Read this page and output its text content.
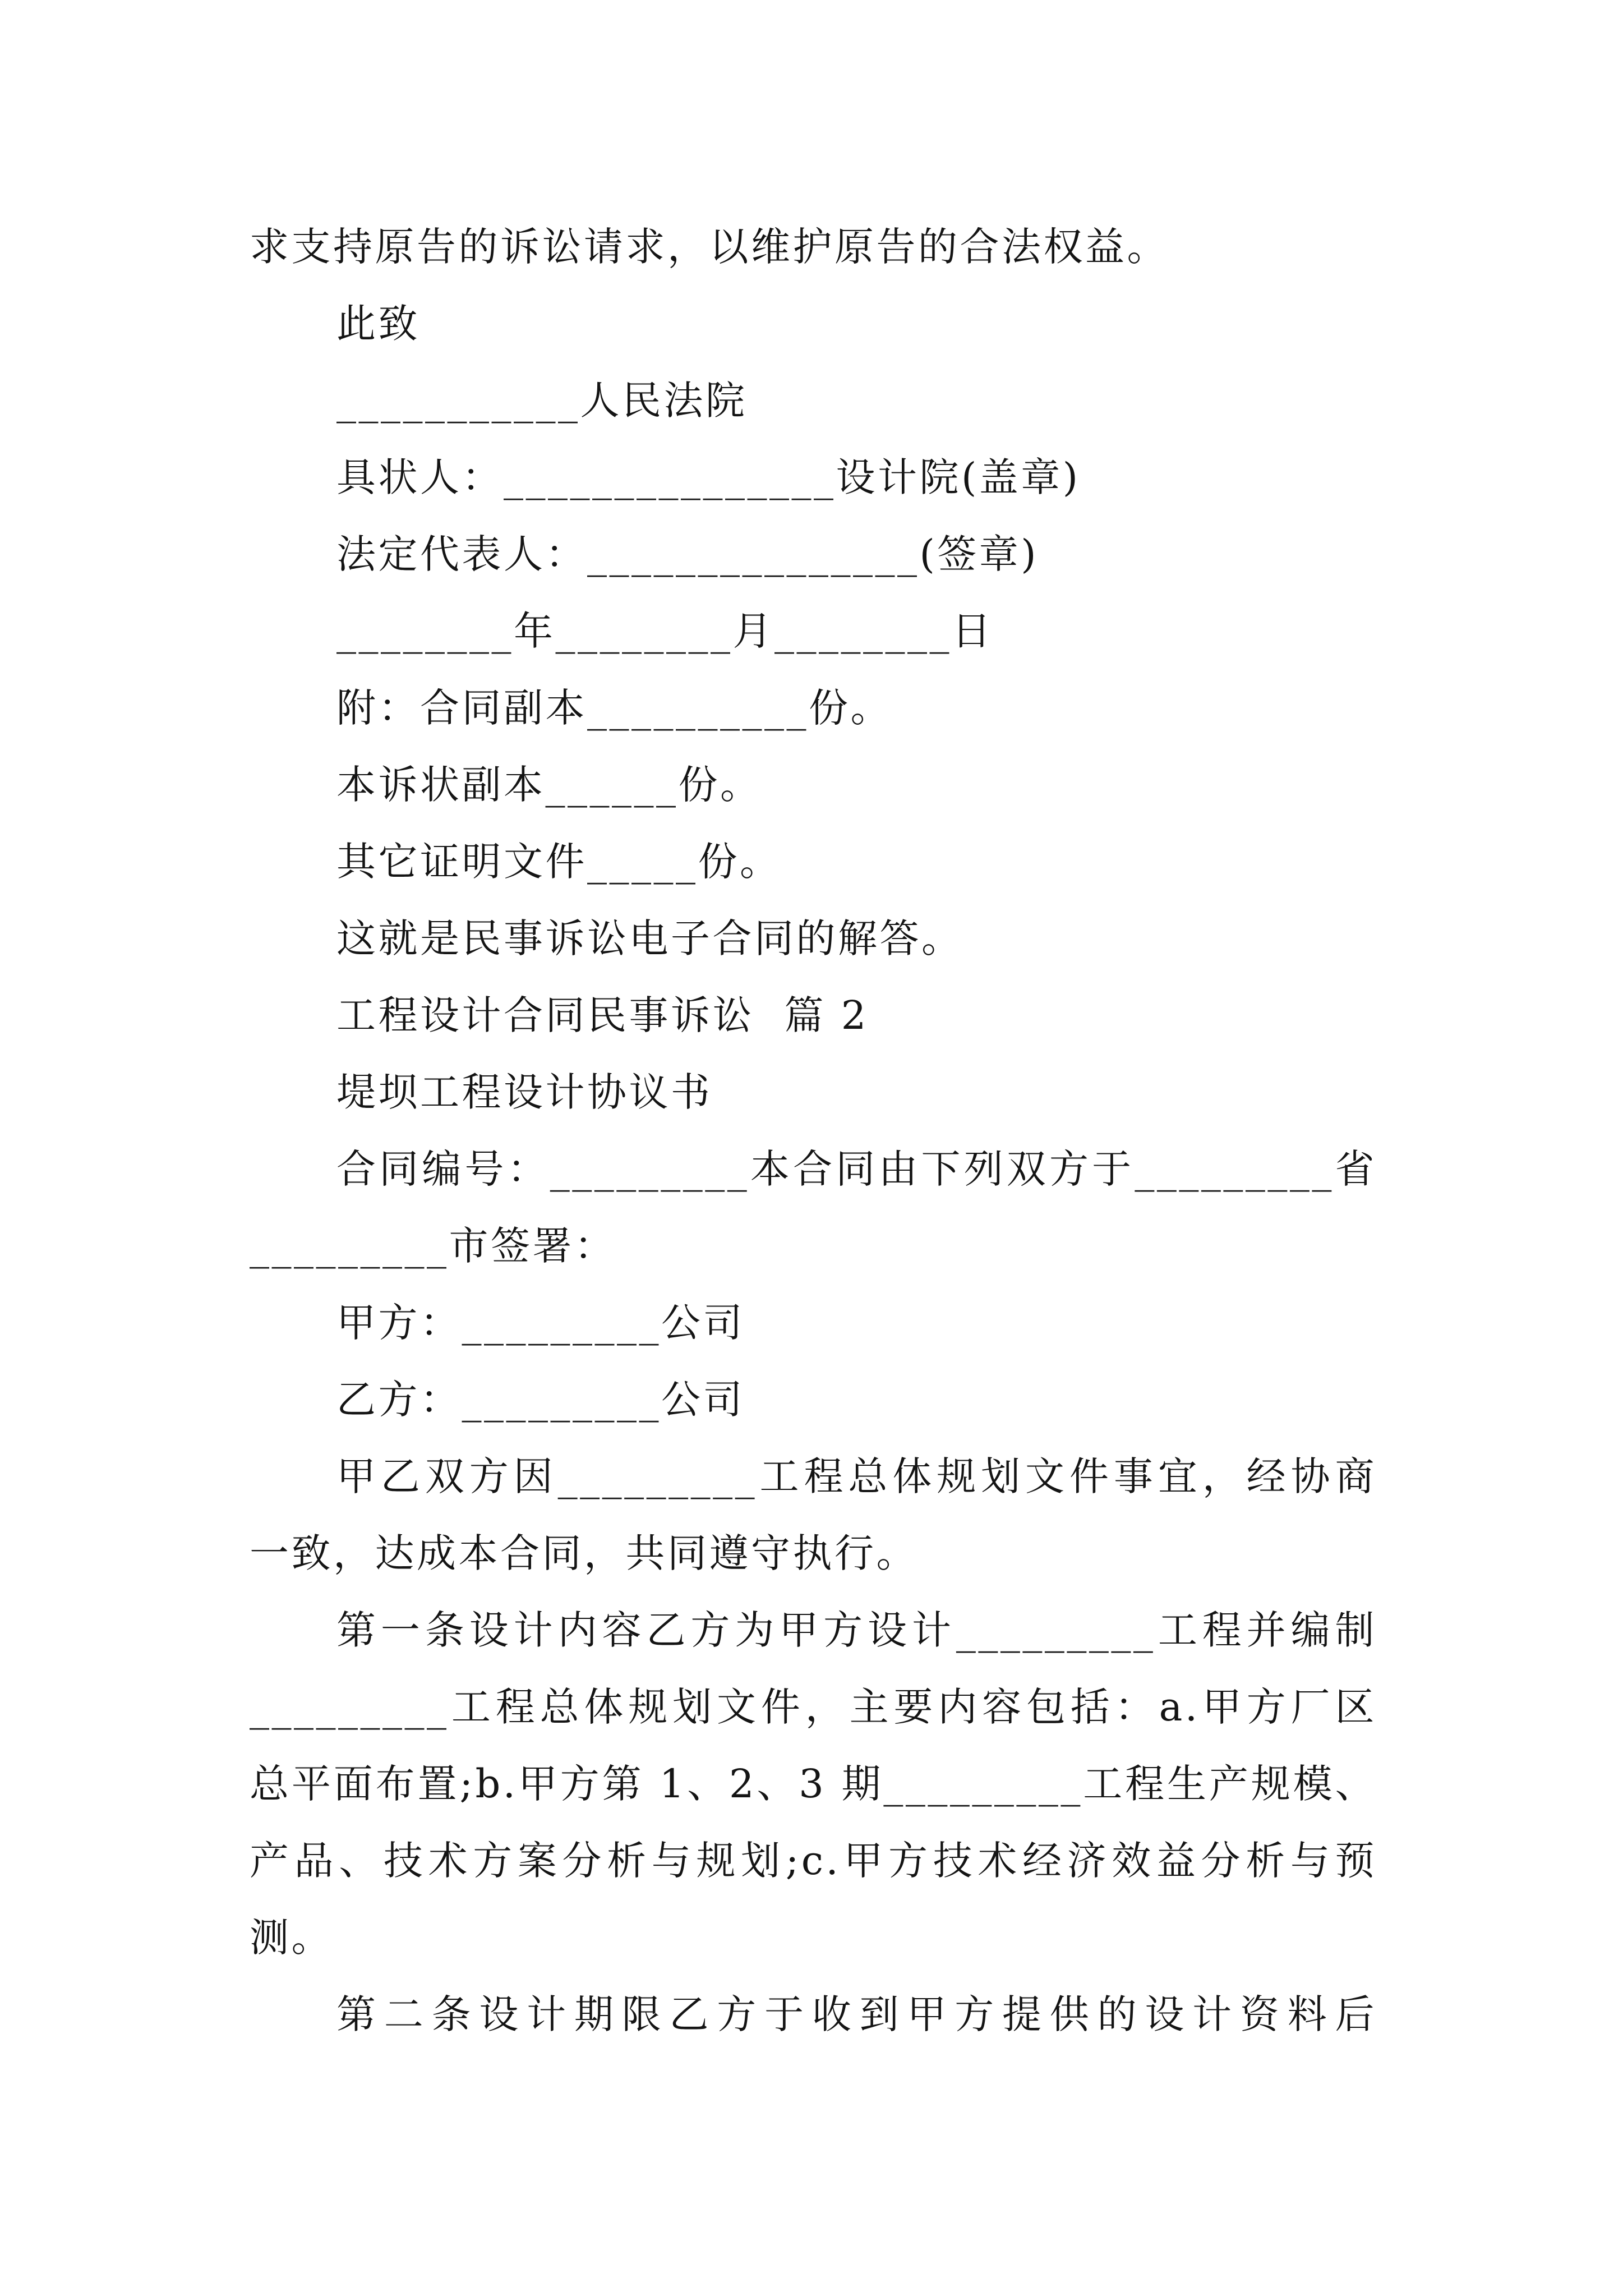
求支持原告的诉讼请求，以维护原告的合法权益。
此致
___________人民法院
具状人：_______________设计院(盖章)
法定代表人：_______________(签章)
________年________月________日
附：合同副本__________份。
本诉状副本______份。
其它证明文件_____份。
这就是民事诉讼电子合同的解答。
工程设计合同民事诉讼  篇 2
堤坝工程设计协议书
合同编号：_________本合同由下列双方于_________省
_________市签署：
甲方：_________公司
乙方：_________公司
甲乙双方因_________工程总体规划文件事宜，经协商
一致，达成本合同，共同遵守执行。
第一条设计内容乙方为甲方设计_________工程并编制
_________工程总体规划文件，主要内容包括：a.甲方厂区
总平面布置;b.甲方第 1、2、3 期_________工程生产规模、
产品、技术方案分析与规划;c.甲方技术经济效益分析与预
测。
第二条设计期限乙方于收到甲方提供的设计资料后
